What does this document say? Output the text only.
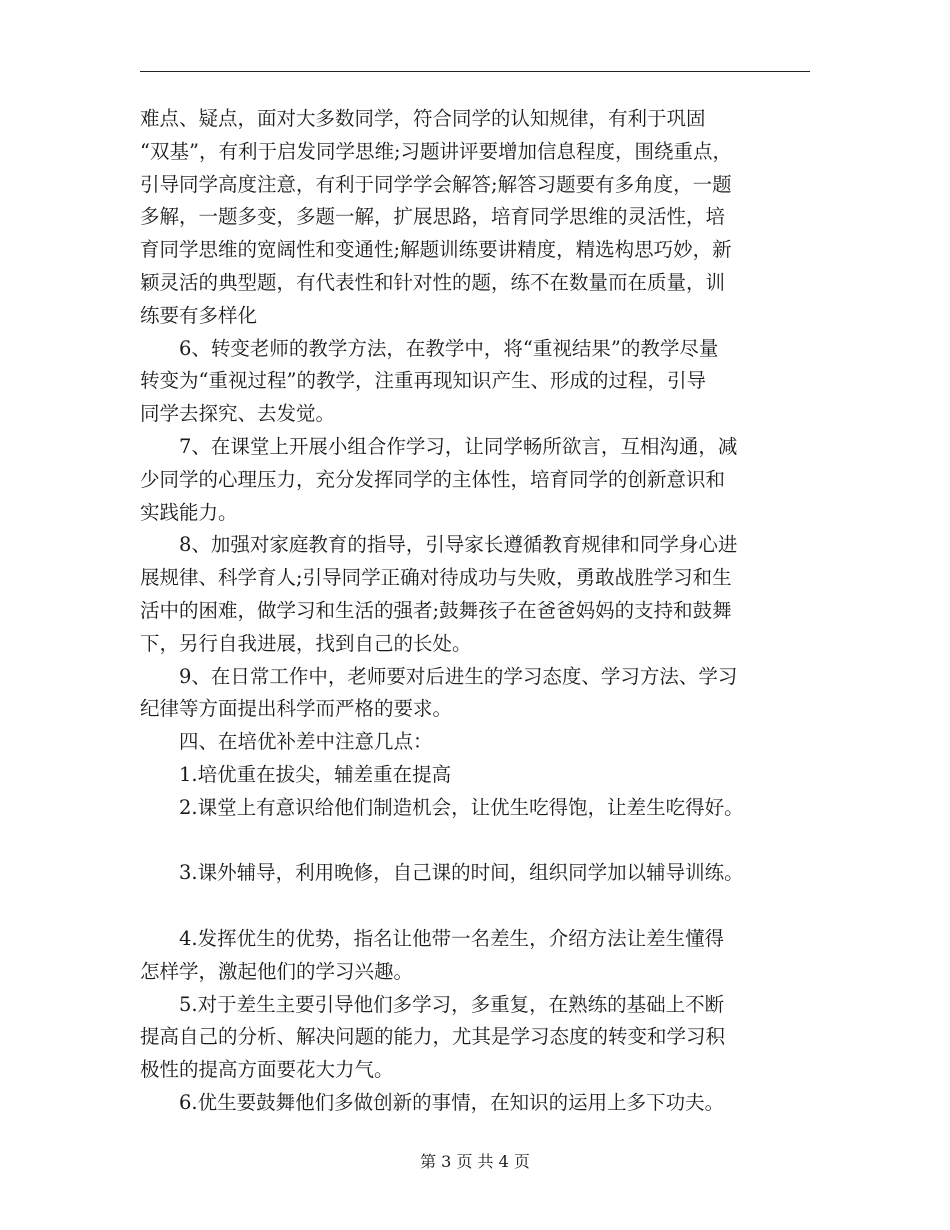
难点、疑点，面对大多数同学，符合同学的认知规律，有利于巩固
“双基”，有利于启发同学思维;习题讲评要增加信息程度，围绕重点，
引导同学高度注意，有利于同学学会解答;解答习题要有多角度，一题
多解，一题多变，多题一解，扩展思路，培育同学思维的灵活性，培
育同学思维的宽阔性和变通性;解题训练要讲精度，精选构思巧妙，新
颖灵活的典型题，有代表性和针对性的题，练不在数量而在质量，训
练要有多样化
6、转变老师的教学方法，在教学中，将“重视结果”的教学尽量
转变为“重视过程”的教学，注重再现知识产生、形成的过程，引导
同学去探究、去发觉。
7、在课堂上开展小组合作学习，让同学畅所欲言，互相沟通，减
少同学的心理压力，充分发挥同学的主体性，培育同学的创新意识和
实践能力。
8、加强对家庭教育的指导，引导家长遵循教育规律和同学身心进
展规律、科学育人;引导同学正确对待成功与失败，勇敢战胜学习和生
活中的困难，做学习和生活的强者;鼓舞孩子在爸爸妈妈的支持和鼓舞
下，另行自我进展，找到自己的长处。
9、在日常工作中，老师要对后进生的学习态度、学习方法、学习
纪律等方面提出科学而严格的要求。
四、在培优补差中注意几点：
1.培优重在拔尖，辅差重在提高
2.课堂上有意识给他们制造机会，让优生吃得饱，让差生吃得好。
3.课外辅导，利用晚修，自己课的时间，组织同学加以辅导训练。
4.发挥优生的优势，指名让他带一名差生，介绍方法让差生懂得
怎样学，激起他们的学习兴趣。
5.对于差生主要引导他们多学习，多重复，在熟练的基础上不断
提高自己的分析、解决问题的能力，尤其是学习态度的转变和学习积
极性的提高方面要花大力气。
6.优生要鼓舞他们多做创新的事情，在知识的运用上多下功夫。
第 3 页 共 4 页
